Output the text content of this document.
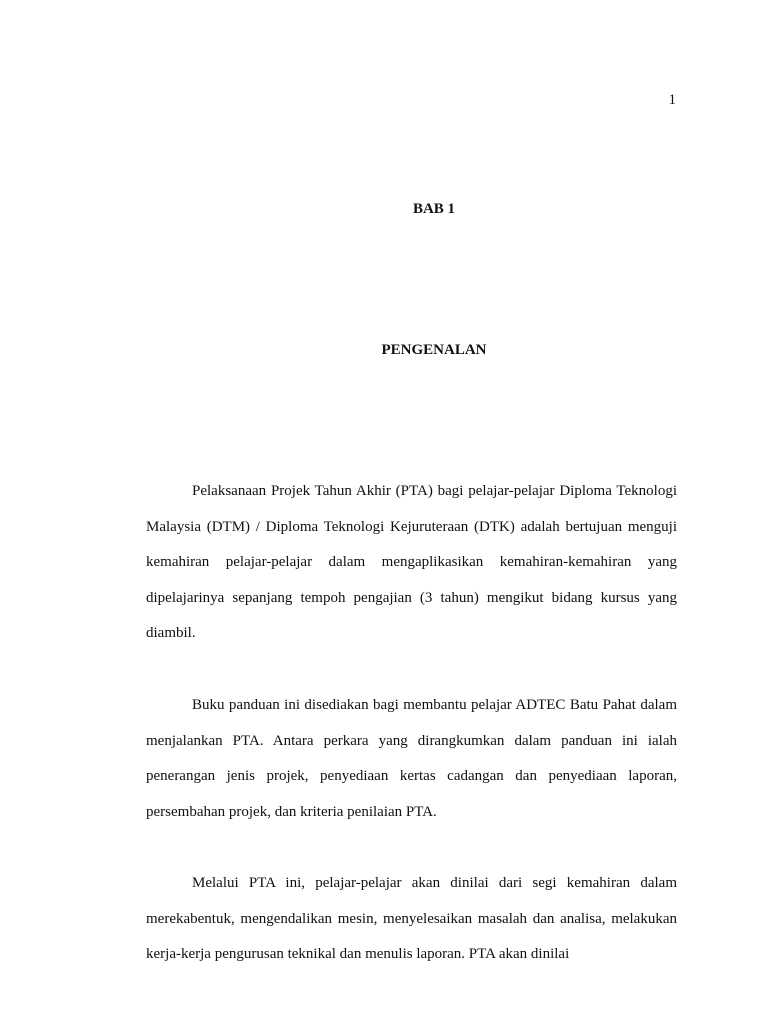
1
BAB 1
PENGENALAN

Pelaksanaan Projek Tahun Akhir (PTA) bagi pelajar-pelajar Diploma Teknologi Malaysia (DTM) / Diploma Teknologi Kejuruteraan (DTK) adalah bertujuan menguji kemahiran pelajar-pelajar dalam mengaplikasikan kemahiran-kemahiran yang dipelajarinya sepanjang tempoh pengajian (3 tahun) mengikut bidang kursus yang diambil.

Buku panduan ini disediakan bagi membantu pelajar ADTEC Batu Pahat dalam menjalankan PTA. Antara perkara yang dirangkumkan dalam panduan ini ialah penerangan jenis projek, penyediaan kertas cadangan dan penyediaan laporan, persembahan projek, dan kriteria penilaian PTA.

Melalui PTA ini, pelajar-pelajar akan dinilai dari segi kemahiran dalam merekabentuk, mengendalikan mesin, menyelesaikan masalah dan analisa, melakukan kerja-kerja pengurusan teknikal dan menulis laporan. PTA akan dinilai
